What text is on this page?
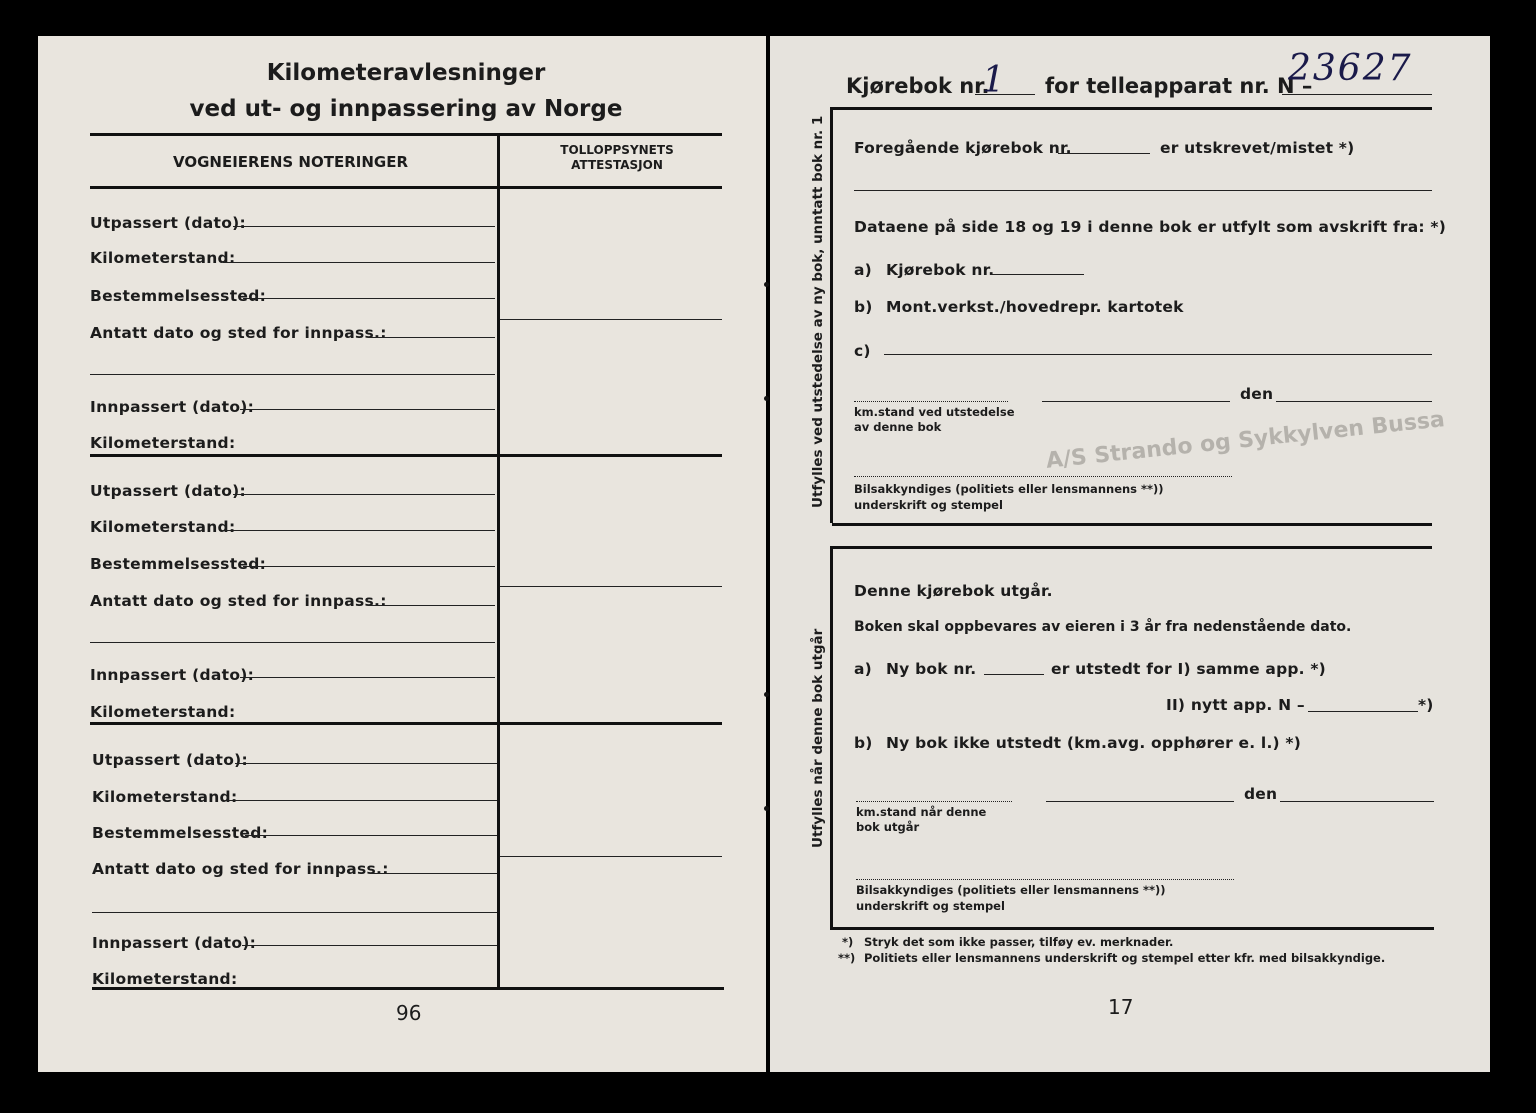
Kilometeravlesninger
ved ut- og innpassering av Norge
VOGNEIERENS NOTERINGER
TOLLOPPSYNETS
ATTESTASJON
Utpassert (dato):
Kilometerstand:
Bestemmelsessted:
Antatt dato og sted for innpass.:
Innpassert (dato):
Kilometerstand:
Utpassert (dato):
Kilometerstand:
Bestemmelsessted:
Antatt dato og sted for innpass.:
Innpassert (dato):
Kilometerstand:
Utpassert (dato):
Kilometerstand:
Bestemmelsessted:
Antatt dato og sted for innpass.:
Innpassert (dato):
Kilometerstand:
96
Kjørebok nr.
1 for telleapparat nr. N –
23627
Utfylles ved utstedelse av ny bok, unntatt bok nr. 1 Foregående kjørebok nr.	er utskrevet/mistet *)
Dataene på side 18 og 19 i denne bok er utfylt som avskrift fra: *)
a) Kjørebok nr.
b) Mont.verkst./hovedrepr. kartotek
c)
km.stand ved utstedelse
av denne bok
den
A/S Strando og Sykkylven Bussa
Bilsakkyndiges (politiets eller lensmannens **))
underskrift og stempel
Utfylles når denne bok utgår
Denne kjørebok utgår.
Boken skal oppbevares av eieren i 3 år fra nedenstående dato.
a) Ny bok nr.	er utstedt for I) samme app. *)
II) nytt app. N –	*)
b) Ny bok ikke utstedt (km.avg. opphører e. l.) *)
km.stand når denne
bok utgår
den
Bilsakkyndiges (politiets eller lensmannens **))
underskrift og stempel
*) Stryk det som ikke passer, tilføy ev. merknader.
**) Politiets eller lensmannens underskrift og stempel etter kfr. med bilsakkyndige.
17
